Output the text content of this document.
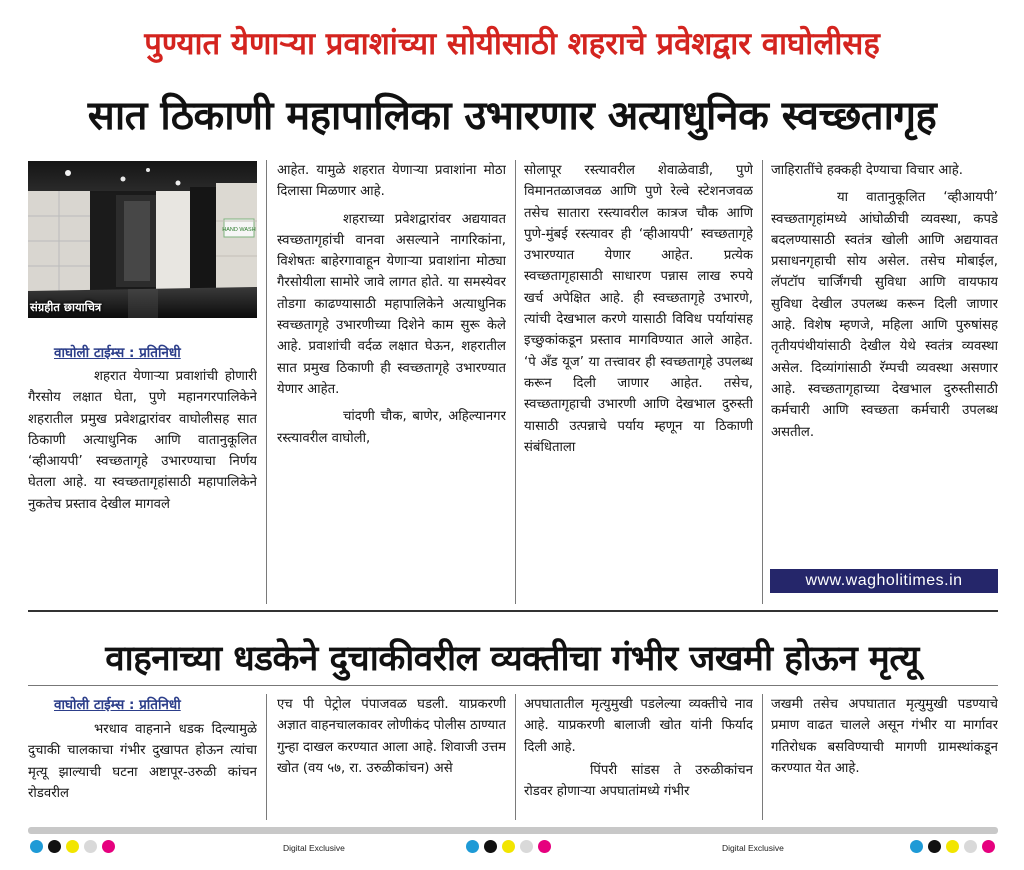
पुण्यात येणाऱ्या प्रवाशांच्या सोयीसाठी शहराचे प्रवेशद्वार वाघोलीसह
सात ठिकाणी महापालिका उभारणार अत्याधुनिक स्वच्छतागृह
HAND WASH
संग्रहीत छायाचित्र
वाघोली टाईम्स : प्रतिनिधी

शहरात येणाऱ्या प्रवाशांची होणारी गैरसोय लक्षात घेता, पुणे महानगरपालिकेने शहरातील प्रमुख प्रवेशद्वारांवर वाघोलीसह सात ठिकाणी अत्याधुनिक आणि वातानुकूलित ‘व्हीआयपी’ स्वच्छतागृहे उभारण्याचा निर्णय घेतला आहे. या स्वच्छतागृहांसाठी महापालिकेने नुकतेच प्रस्ताव देखील मागवले

आहेत. यामुळे शहरात येणाऱ्या प्रवाशांना मोठा दिलासा मिळणार आहे.

शहराच्या प्रवेशद्वारांवर अद्ययावत स्वच्छतागृहांची वानवा असल्याने नागरिकांना, विशेषतः बाहेरगावाहून येणाऱ्या प्रवाशांना मोठ्या गैरसोयीला सामोरे जावे लागत होते. या समस्येवर तोडगा काढण्यासाठी महापालिकेने अत्याधुनिक स्वच्छतागृहे उभारणीच्या दिशेने काम सुरू केले आहे. प्रवाशांची वर्दळ लक्षात घेऊन, शहरातील सात प्रमुख ठिकाणी ही स्वच्छतागृहे उभारण्यात येणार आहेत.

चांदणी चौक, बाणेर, अहिल्यानगर रस्त्यावरील वाघोली,

सोलापूर रस्त्यावरील शेवाळेवाडी, पुणे विमानतळाजवळ आणि पुणे रेल्वे स्टेशनजवळ तसेच सातारा रस्त्यावरील कात्रज चौक आणि पुणे-मुंबई रस्त्यावर ही ‘व्हीआयपी’ स्वच्छतागृहे उभारण्यात येणार आहेत. प्रत्येक स्वच्छतागृहासाठी साधारण पन्नास लाख रुपये खर्च अपेक्षित आहे. ही स्वच्छतागृहे उभारणे, त्यांची देखभाल करणे यासाठी विविध पर्यायांसह इच्छुकांकडून प्रस्ताव मागविण्यात आले आहेत. ‘पे अँड यूज’ या तत्त्वावर ही स्वच्छतागृहे उपलब्ध करून दिली जाणार आहेत. तसेच, स्वच्छतागृहाची उभारणी आणि देखभाल दुरुस्ती यासाठी उत्पन्नाचे पर्याय म्हणून या ठिकाणी संबंधिताला

जाहिरातींचे हक्कही देण्याचा विचार आहे.

या वातानुकूलित ‘व्हीआयपी’ स्वच्छतागृहांमध्ये आंघोळीची व्यवस्था, कपडे बदलण्यासाठी स्वतंत्र खोली आणि अद्ययावत प्रसाधनगृहाची सोय असेल. तसेच मोबाईल, लॅपटॉप चार्जिंगची सुविधा आणि वायफाय सुविधा देखील उपलब्ध करून दिली जाणार आहे. विशेष म्हणजे, महिला आणि पुरुषांसह तृतीयपंथीयांसाठी देखील येथे स्वतंत्र व्यवस्था असेल. दिव्यांगांसाठी रॅम्पची व्यवस्था असणार आहे. स्वच्छतागृहाच्या देखभाल दुरुस्तीसाठी कर्मचारी आणि स्वच्छता कर्मचारी उपलब्ध असतील.

www.wagholitimes.in
वाहनाच्या धडकेने दुचाकीवरील व्यक्तीचा गंभीर जखमी होऊन मृत्यू
वाघोली टाईम्स : प्रतिनिधी

भरधाव वाहनाने धडक दिल्यामुळे दुचाकी चालकाचा गंभीर दुखापत होऊन त्यांचा मृत्यू झाल्याची घटना अष्टापूर-उरुळी कांचन रोडवरील

एच पी पेट्रोल पंपाजवळ घडली. याप्रकरणी अज्ञात वाहनचालकावर लोणीकंद पोलीस ठाण्यात गुन्हा दाखल करण्यात आला आहे. शिवाजी उत्तम खोत (वय ५७, रा. उरुळीकांचन) असे

अपघातातील मृत्युमुखी पडलेल्या व्यक्तीचे नाव आहे. याप्रकरणी बालाजी खोत यांनी फिर्याद दिली आहे.

पिंपरी सांडस ते उरुळीकांचन रोडवर होणाऱ्या अपघातांमध्ये गंभीर

जखमी तसेच अपघातात मृत्युमुखी पडण्याचे प्रमाण वाढत चालले असून गंभीर या मार्गावर गतिरोधक बसविण्याची मागणी ग्रामस्थांकडून करण्यात येत आहे.

Digital Exclusive	Digital Exclusive
